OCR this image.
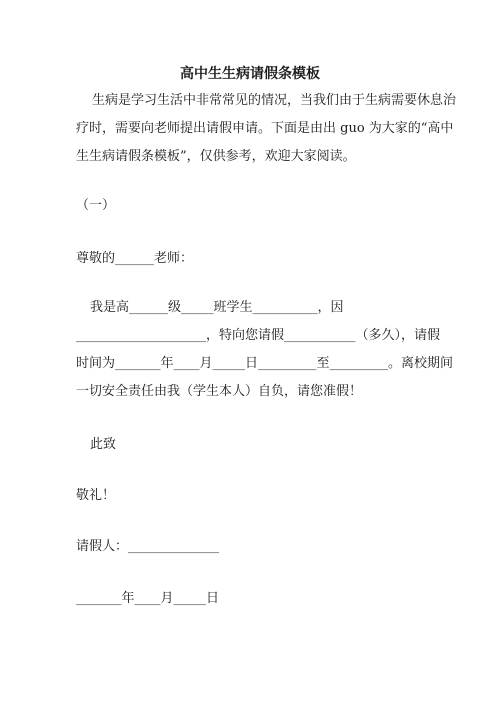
高中生生病请假条模板
生病是学习生活中非常常见的情况，当我们由于生病需要休息治
疗时，需要向老师提出请假申请。下面是由出 guo 为大家的“高中
生生病请假条模板”，仅供参考，欢迎大家阅读。
（一）
尊敬的______老师：
我是高______级_____班学生__________，因
____________________，特向您请假___________（多久），请假
时间为_______年____月_____日_________至_________。离校期间
一切安全责任由我（学生本人）自负，请您准假！
此致
敬礼！
请假人：______________
_______年____月_____日
